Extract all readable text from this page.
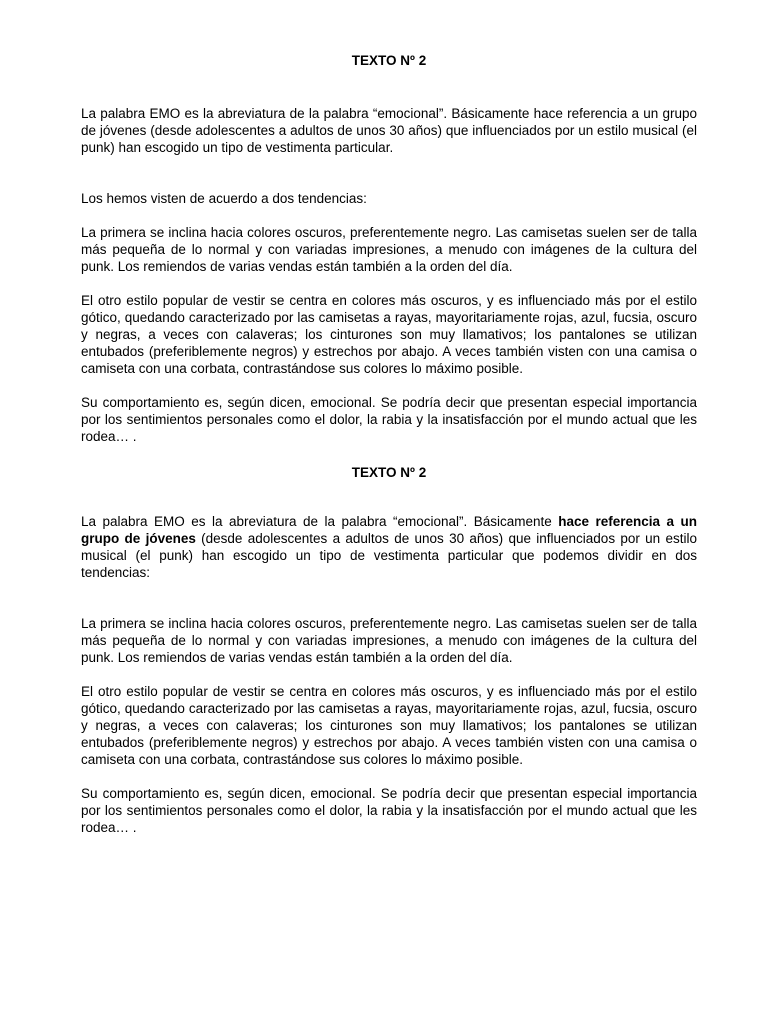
TEXTO Nº 2

La palabra EMO es la abreviatura de la palabra “emocional”. Básicamente hace referencia a un grupo de jóvenes (desde adolescentes a adultos de unos 30 años) que influenciados por un estilo musical (el punk) han escogido un tipo de vestimenta particular.

Los hemos visten de acuerdo a dos tendencias:

La primera se inclina hacia colores oscuros, preferentemente negro. Las camisetas suelen ser de talla más pequeña de lo normal y con variadas impresiones, a menudo con imágenes de la cultura del punk. Los remiendos de varias vendas están también a la orden del día.

El otro estilo popular de vestir se centra en colores más oscuros, y es influenciado más por el estilo gótico, quedando caracterizado por las camisetas a rayas, mayoritariamente rojas, azul, fucsia, oscuro y negras, a veces con calaveras; los cinturones son muy llamativos; los pantalones se utilizan entubados (preferiblemente negros) y estrechos por abajo. A veces también visten con una camisa o camiseta con una corbata, contrastándose sus colores lo máximo posible.

Su comportamiento es, según dicen, emocional. Se podría decir que presentan especial importancia por los sentimientos personales como el dolor, la rabia y la insatisfacción por el mundo actual que les rodea… .

TEXTO Nº 2

La palabra EMO es la abreviatura de la palabra “emocional”. Básicamente hace referencia a un grupo de jóvenes (desde adolescentes a adultos de unos 30 años) que influenciados por un estilo musical (el punk) han escogido un tipo de vestimenta particular que podemos dividir en dos tendencias:

La primera se inclina hacia colores oscuros, preferentemente negro. Las camisetas suelen ser de talla más pequeña de lo normal y con variadas impresiones, a menudo con imágenes de la cultura del punk. Los remiendos de varias vendas están también a la orden del día.

El otro estilo popular de vestir se centra en colores más oscuros, y es influenciado más por el estilo gótico, quedando caracterizado por las camisetas a rayas, mayoritariamente rojas, azul, fucsia, oscuro y negras, a veces con calaveras; los cinturones son muy llamativos; los pantalones se utilizan entubados (preferiblemente negros) y estrechos por abajo. A veces también visten con una camisa o camiseta con una corbata, contrastándose sus colores lo máximo posible.

Su comportamiento es, según dicen, emocional. Se podría decir que presentan especial importancia por los sentimientos personales como el dolor, la rabia y la insatisfacción por el mundo actual que les rodea… .
